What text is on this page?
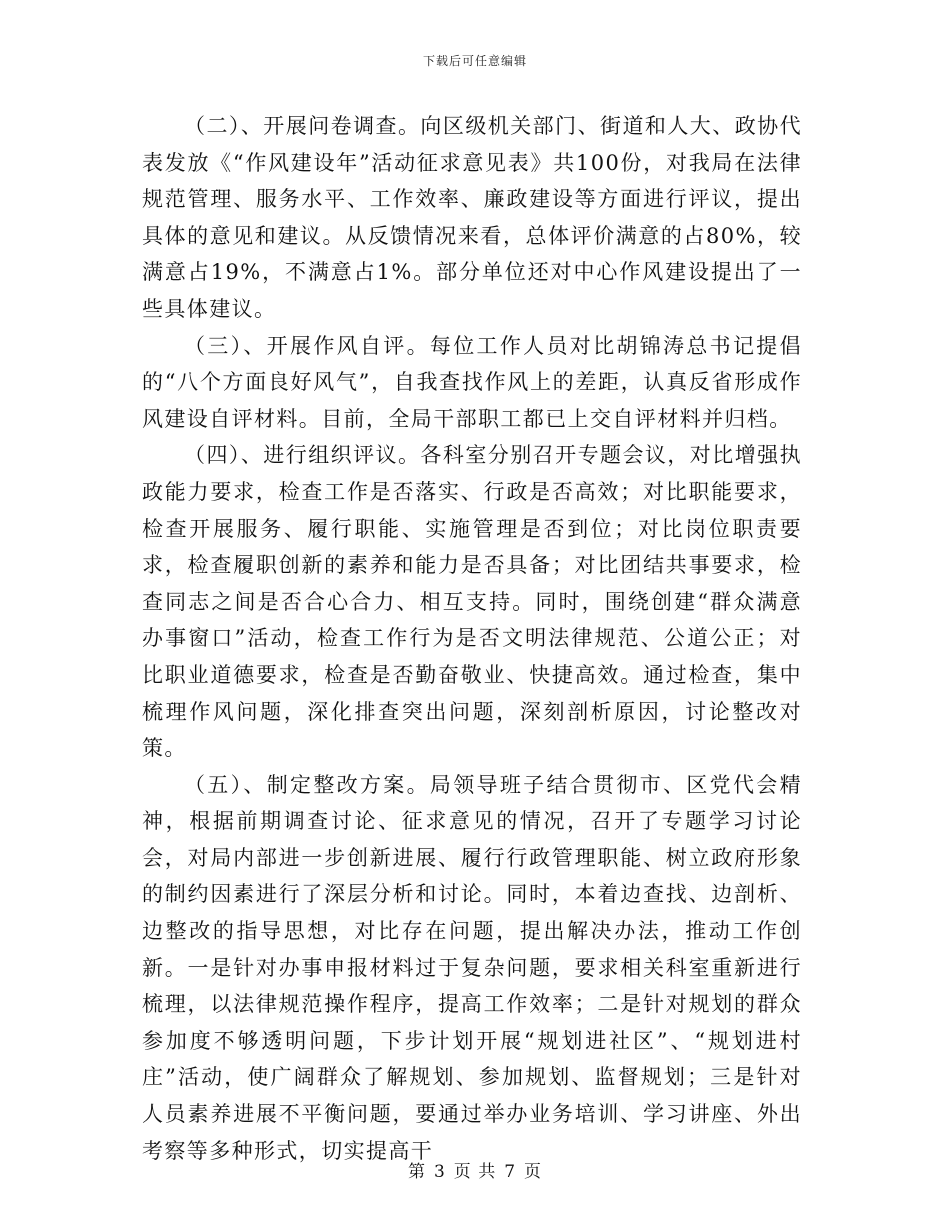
下载后可任意编辑

（二）、开展问卷调查。向区级机关部门、街道和人大、政协代表发放《“作风建设年”活动征求意见表》共100份，对我局在法律规范管理、服务水平、工作效率、廉政建设等方面进行评议，提出具体的意见和建议。从反馈情况来看，总体评价满意的占80%，较满意占19%，不满意占1%。部分单位还对中心作风建设提出了一些具体建议。

（三）、开展作风自评。每位工作人员对比胡锦涛总书记提倡的“八个方面良好风气”，自我查找作风上的差距，认真反省形成作风建设自评材料。目前，全局干部职工都已上交自评材料并归档。

（四）、进行组织评议。各科室分别召开专题会议，对比增强执政能力要求，检查工作是否落实、行政是否高效；对比职能要求，检查开展服务、履行职能、实施管理是否到位；对比岗位职责要求，检查履职创新的素养和能力是否具备；对比团结共事要求，检查同志之间是否合心合力、相互支持。同时，围绕创建“群众满意办事窗口”活动，检查工作行为是否文明法律规范、公道公正；对比职业道德要求，检查是否勤奋敬业、快捷高效。通过检查，集中梳理作风问题，深化排查突出问题，深刻剖析原因，讨论整改对策。

（五）、制定整改方案。局领导班子结合贯彻市、区党代会精神，根据前期调查讨论、征求意见的情况，召开了专题学习讨论会，对局内部进一步创新进展、履行行政管理职能、树立政府形象的制约因素进行了深层分析和讨论。同时，本着边查找、边剖析、边整改的指导思想，对比存在问题，提出解决办法，推动工作创新。一是针对办事申报材料过于复杂问题，要求相关科室重新进行梳理，以法律规范操作程序，提高工作效率；二是针对规划的群众参加度不够透明问题，下步计划开展“规划进社区”、“规划进村庄”活动，使广阔群众了解规划、参加规划、监督规划；三是针对人员素养进展不平衡问题，要通过举办业务培训、学习讲座、外出考察等多种形式，切实提高干

第 3 页 共 7 页
